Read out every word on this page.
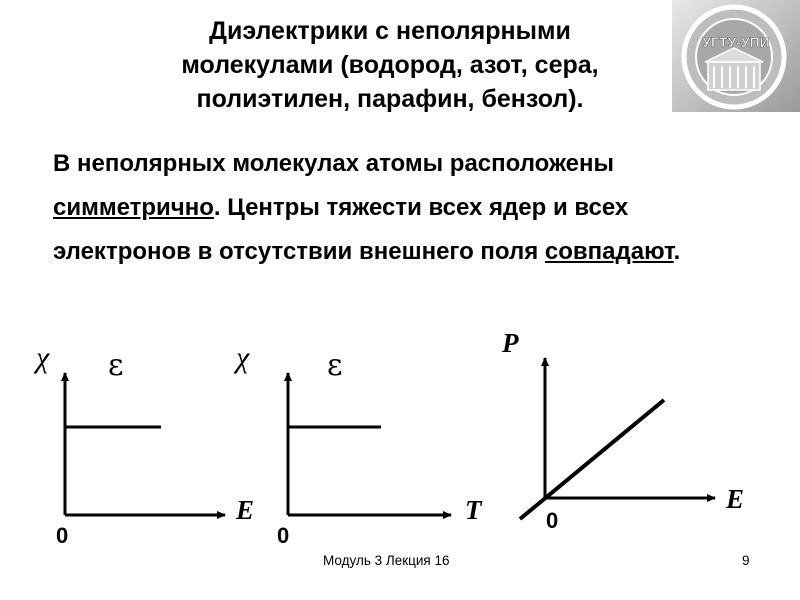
Диэлектрики с неполярными
молекулами (водород, азот, сера,
полиэтилен, парафин, бензол).
УГТУ-УПИ
В неполярных молекулах атомы расположены симметрично. Центры тяжести всех ядер и всех электронов в отсутствии внешнего поля совпадают.
χ ε
E
0
χ	ε
T
0
P
E
0
Модуль 3 Лекция 16	9
